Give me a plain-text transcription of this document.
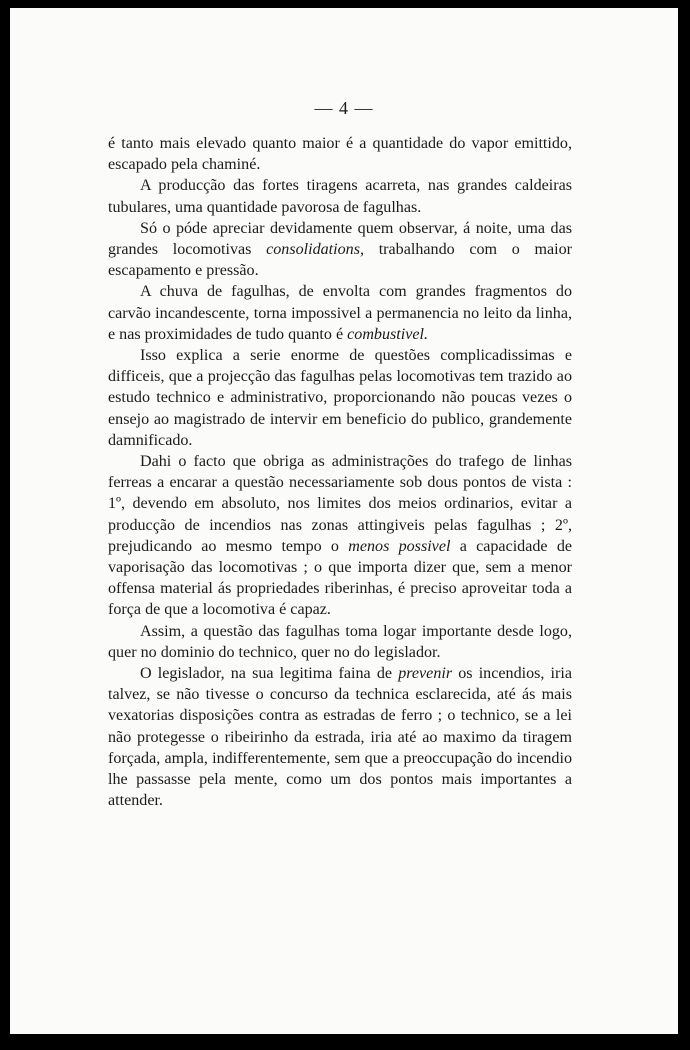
— 4 —

é tanto mais elevado quanto maior é a quantidade do vapor emittido, escapado pela chaminé.

A producção das fortes tiragens acarreta, nas grandes caldeiras tubulares, uma quantidade pavorosa de fagulhas.

Só o póde apreciar devidamente quem observar, á noite, uma das grandes locomotivas consolidations, trabalhando com o maior escapamento e pressão.

A chuva de fagulhas, de envolta com grandes fragmentos do carvão incandescente, torna impossivel a permanencia no leito da linha, e nas proximidades de tudo quanto é combustivel.

Isso explica a serie enorme de questões complicadissimas e difficeis, que a projecção das fagulhas pelas locomotivas tem trazido ao estudo technico e administrativo, proporcionando não poucas vezes o ensejo ao magistrado de intervir em beneficio do publico, grandemente damnificado.

Dahi o facto que obriga as administrações do trafego de linhas ferreas a encarar a questão necessariamente sob dous pontos de vista : 1º, devendo em absoluto, nos limites dos meios ordinarios, evitar a producção de incendios nas zonas attingiveis pelas fagulhas ; 2º, prejudicando ao mesmo tempo o menos possivel a capacidade de vaporisação das locomotivas ; o que importa dizer que, sem a menor offensa material ás propriedades riberinhas, é preciso aproveitar toda a força de que a locomotiva é capaz.

Assim, a questão das fagulhas toma logar importante desde logo, quer no dominio do technico, quer no do legislador.

O legislador, na sua legitima faina de prevenir os incendios, iria talvez, se não tivesse o concurso da technica esclarecida, até ás mais vexatorias disposições contra as estradas de ferro ; o technico, se a lei não protegesse o ribeirinho da estrada, iria até ao maximo da tiragem forçada, ampla, indifferentemente, sem que a preoccupação do incendio lhe passasse pela mente, como um dos pontos mais importantes a attender.
